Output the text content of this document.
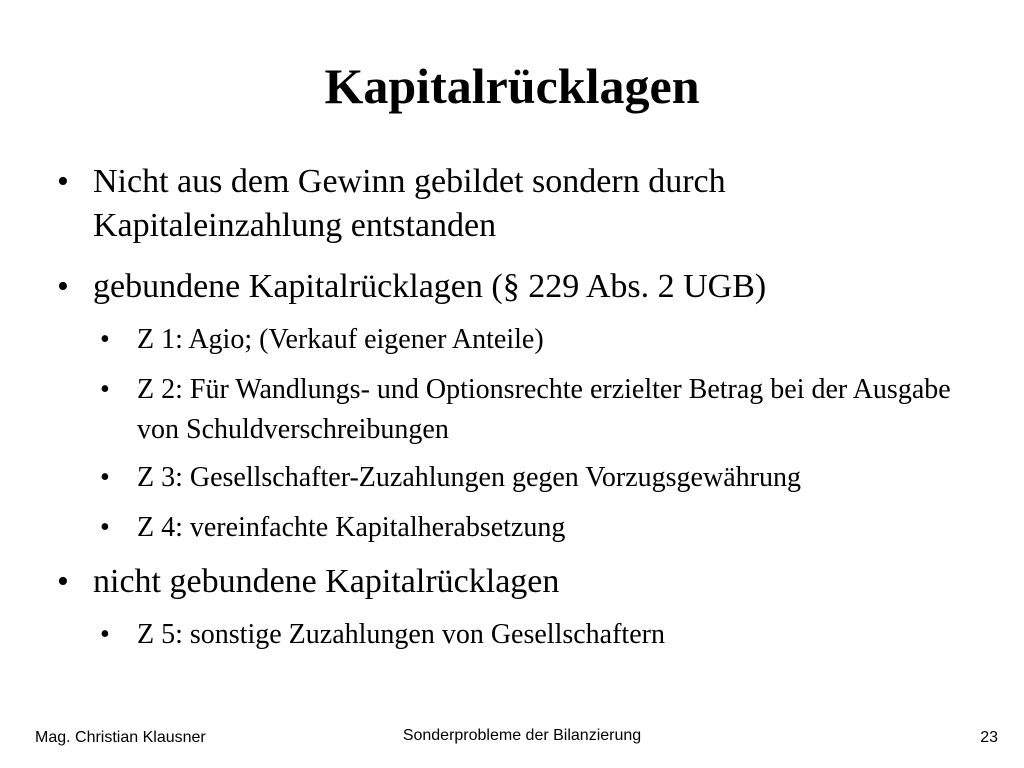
Kapitalrücklagen
• Nicht aus dem Gewinn gebildet sondern durch Kapitaleinzahlung entstanden
• gebundene Kapitalrücklagen (§ 229 Abs. 2 UGB)
• Z 1: Agio; (Verkauf eigener Anteile)
• Z 2: Für Wandlungs- und Optionsrechte erzielter Betrag bei der Ausgabe von Schuldverschreibungen
• Z 3: Gesellschafter-Zuzahlungen gegen Vorzugsgewährung
• Z 4: vereinfachte Kapitalherabsetzung
• nicht gebundene Kapitalrücklagen
• Z 5: sonstige Zuzahlungen von Gesellschaftern
Mag. Christian Klausner	Sonderprobleme der Bilanzierung	23
